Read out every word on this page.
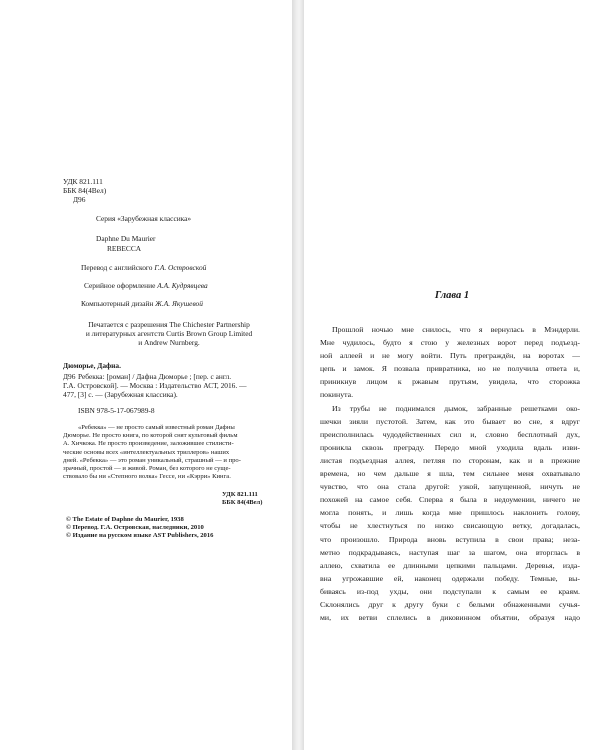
УДК 821.111
ББК 84(4Вел)
Д96
Серия «Зарубежная классика»
Daphne Du Maurier
REBECCA
Перевод с английского Г.А. Островской
Серийное оформление А.А. Кудрявцева
Компьютерный дизайн Ж.А. Якушевой
Печатается с разрешения The Chichester Partnership
и литературных агентств Curtis Brown Group Limited
и Andrew Nurnberg.
Дюморье, Дафна.
Д96 Ребекка: [роман] / Дафна Дюморье ; [пер. с англ.
Г.А. Островской]. — Москва : Издательство АСТ, 2016. —
477, [3] с. — (Зарубежная классика).
ISBN 978-5-17-067989-8
«Ребекка» — не просто самый известный роман Дафны
Дюморье. Не просто книга, по которой снят культовый фильм
А. Хичкока. Не просто произведение, заложившее стилисти-
ческие основы всех «интеллектуальных триллеров» наших
дней. «Ребекка» — это роман уникальный, страшный — и про-
зрачный, простой — и живой. Роман, без которого не суще-
ствовало бы ни «Степного волка» Гессе, ни «Кэрри» Кинга.
УДК 821.111
ББК 84(4Вел)
© The Estate of Daphne du Maurier, 1938
© Перевод. Г.А. Островская, наследники, 2010
© Издание на русском языке AST Publishers, 2016
Глава 1
Прошлой ночью мне снилось, что я вернулась в Мэндерли.
Мне чудилось, будто я стою у железных ворот перед подъезд-
ной аллеей и не могу войти. Путь преграждён, на воротах —
цепь и замок. Я позвала привратника, но не получила ответа и,
приникнув лицом к ржавым прутьям, увидела, что сторожка
покинута.
Из трубы не поднимался дымок, забранные решетками око-
шечки зияли пустотой. Затем, как это бывает во сне, я вдруг
преисполнилась чудодейственных сил и, словно бесплотный дух,
проникла сквозь преграду. Передо мной уходила вдаль изви-
листая подъездная аллея, петляя по сторонам, как и в прежние
времена, но чем дальше я шла, тем сильнее меня охватывало
чувство, что она стала другой: узкой, запущенной, ничуть не
похожей на самое себя. Сперва я была в недоумении, ничего не
могла понять, и лишь когда мне пришлось наклонить голову,
чтобы не хлестнуться по низко свисающую ветку, догадалась,
что произошло. Природа вновь вступила в свои права; неза-
метно подкрадываясь, наступая шаг за шагом, она вторглась в
аллею, схватила ее длинными цепкими пальцами. Деревья, изда-
вна угрожавшие ей, наконец одержали победу. Темные, вы-
биваясь из-под ухды, они подступали к самым ее краям.
Склонялись друг к другу буки с белыми обнаженными сучья-
ми, их ветви сплелись в диковинном объятии, образуя надо
